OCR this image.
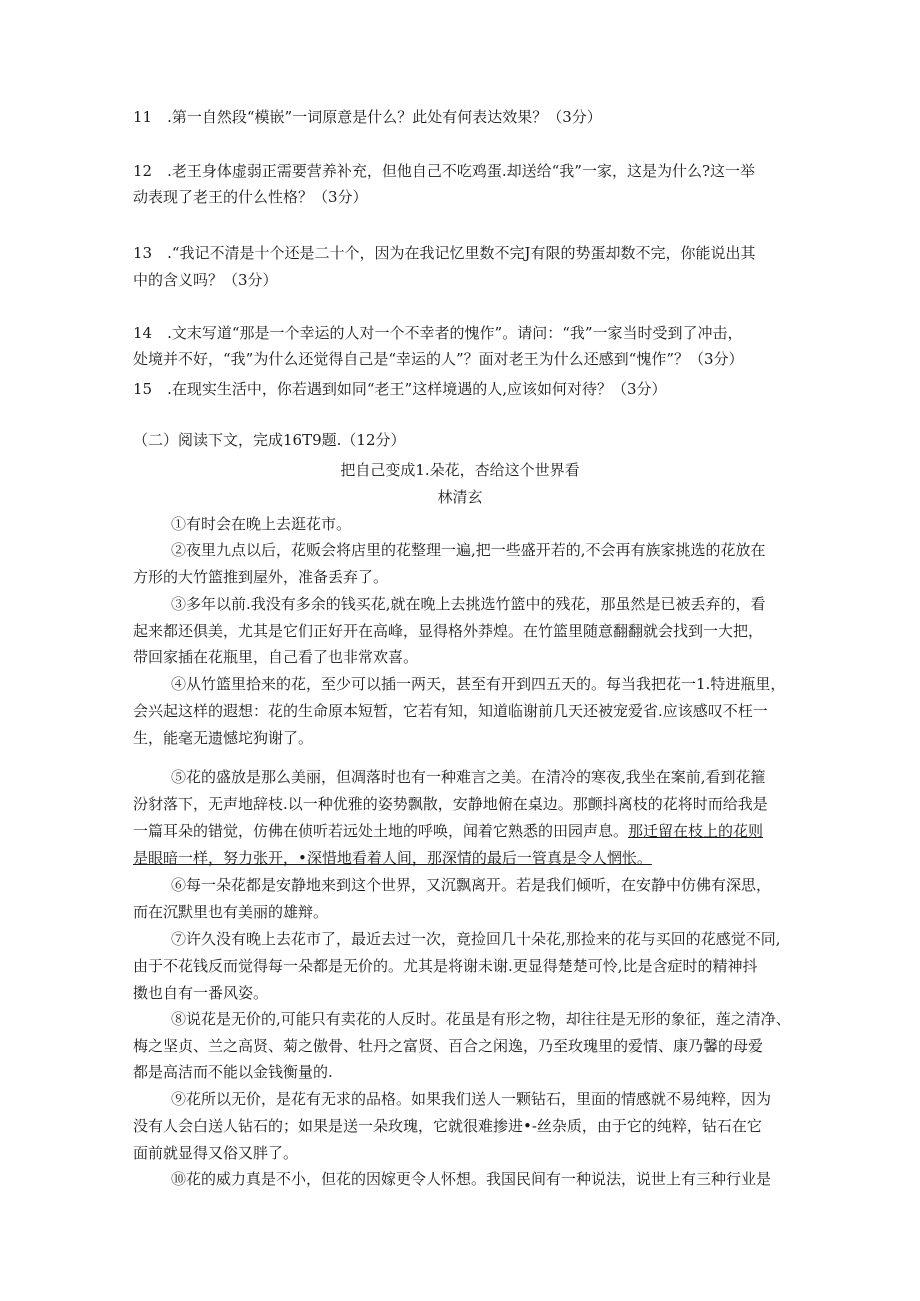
11　.第一自然段“模嵌”一词原意是什么？此处有何表达效果？（3分）
12　.老王身体虚弱正需要营养补充，但他自己不吃鸡蛋.却送给“我”一家，这是为什么?这一举
动表现了老王的什么性格？（3分）
13　.“我记不清是十个还是二十个，因为在我记忆里数不完J有限的势蛋却数不完，你能说出其
中的含义吗？（3分）
14　.文末写道“那是一个幸运的人对一个不幸者的愧作”。请问：“我”一家当时受到了冲击，
处境并不好，“我”为什么还觉得自己是“幸运的人”？面对老王为什么还感到“愧作”？（3分）
15　.在现实生活中，你若遇到如同“老王”这样境遇的人,应该如何对待？（3分）
（二）阅读下文，完成16T9题.（12分）
把自己变成1.朵花，杏给这个世界看
林清玄
①有时会在晚上去逛花市。
②夜里九点以后，花贩会将店里的花整理一遍,把一些盛开若的,不会再有族家挑选的花放在
方形的大竹篮推到屋外，准备丢弃了。
③多年以前.我没有多余的钱买花,就在晚上去挑选竹篮中的残花，那虽然是已被丢弃的，看
起来都还俱美，尤其是它们正好开在高峰，显得格外莽煌。在竹篮里随意翻翻就会找到一大把，
带回家插在花瓶里，自己看了也非常欢喜。
④从竹篮里拾来的花，至少可以插一两天，甚至有开到四五天的。每当我把花一1.特进瓶里，
会兴起这样的遐想：花的生命原本短暂，它若有知，知道临谢前几天还被宠爱省.应该感叹不枉一
生，能毫无遗憾坨狗谢了。
⑤花的盛放是那么美丽，但凋落时也有一种难言之美。在清冷的寒夜,我坐在案前,看到花箍
汾豺落下，无声地辞枝.以一种优雅的姿势飘散，安静地俯在桌边。那颤抖离枝的花将时而给我是
一篇耳朵的错觉，仿佛在侦听若远处土地的呼唤，闻着它熟悉的田园声息。那迁留在枝上的花则
是眼暗一样，努力张开，•深惜地看着人间，那深情的最后一管真是令人惘怅。
⑥每一朵花都是安静地来到这个世界，又沉飘离开。若是我们倾听，在安静中仿佛有深思，
而在沉默里也有美丽的雄辩。
⑦许久没有晚上去花市了，最近去过一次，竟捡回几十朵花,那捡来的花与买回的花感觉不同,
由于不花钱反而觉得每一朵都是无价的。尤其是将谢未谢.更显得楚楚可怜,比是含症时的精神抖
擞也自有一番风姿。
⑧说花是无价的,可能只有卖花的人反时。花虽是有形之物，却往往是无形的象征，莲之清净、
梅之坚贞、兰之高贤、菊之傲骨、牡丹之富贤、百合之闲逸，乃至玫瑰里的爱情、康乃馨的母爱
都是高洁而不能以金钱衡量的.
⑨花所以无价，是花有无求的品格。如果我们送人一颗钻石，里面的情感就不易纯粹，因为
没有人会白送人钻石的；如果是送一朵玫瑰，它就很难掺进•-丝杂质，由于它的纯粹，钻石在它
面前就显得又俗又胖了。
⑩花的威力真是不小，但花的因嫁更令人怀想。我国民间有一种说法，说世上有三种行业是
